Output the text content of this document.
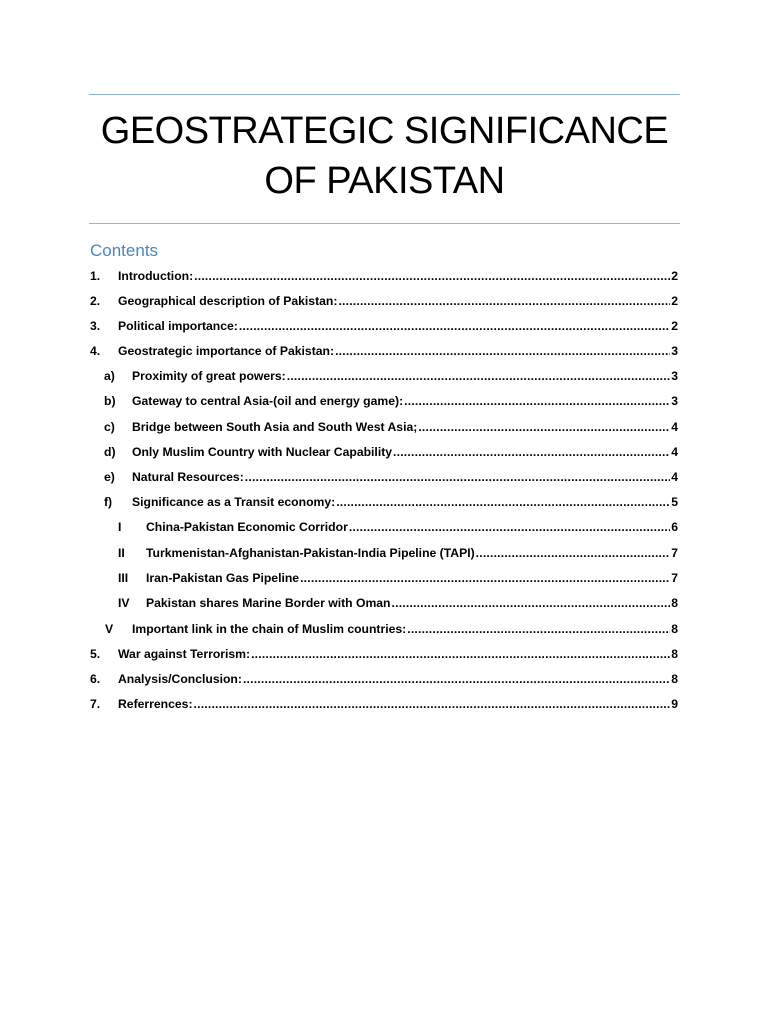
GEOSTRATEGIC SIGNIFICANCE
OF PAKISTAN
Contents
1.	Introduction: .....	2
2.	Geographical description of Pakistan: .....	2
3.	Political importance: .....	2
4.	Geostrategic importance of Pakistan: .....	3
a)	Proximity of great powers: .....	3
b)	Gateway to central Asia-(oil and energy game): .....	3
c)	Bridge between South Asia and South West Asia; .....	4
d)	Only Muslim Country with Nuclear Capability .....	4
e)	Natural Resources: .....	4
f)	Significance as a Transit economy: .....	5
I	China-Pakistan Economic Corridor .....	6
II	Turkmenistan-Afghanistan-Pakistan-India Pipeline (TAPI) .....	7
III	Iran-Pakistan Gas Pipeline .....	7
IV	Pakistan shares Marine Border with Oman .....	8
V	Important link in the chain of Muslim countries: .....	8
5.	War against Terrorism: .....	8
6.	Analysis/Conclusion: .....	8
7.	Referrences: .....	9
